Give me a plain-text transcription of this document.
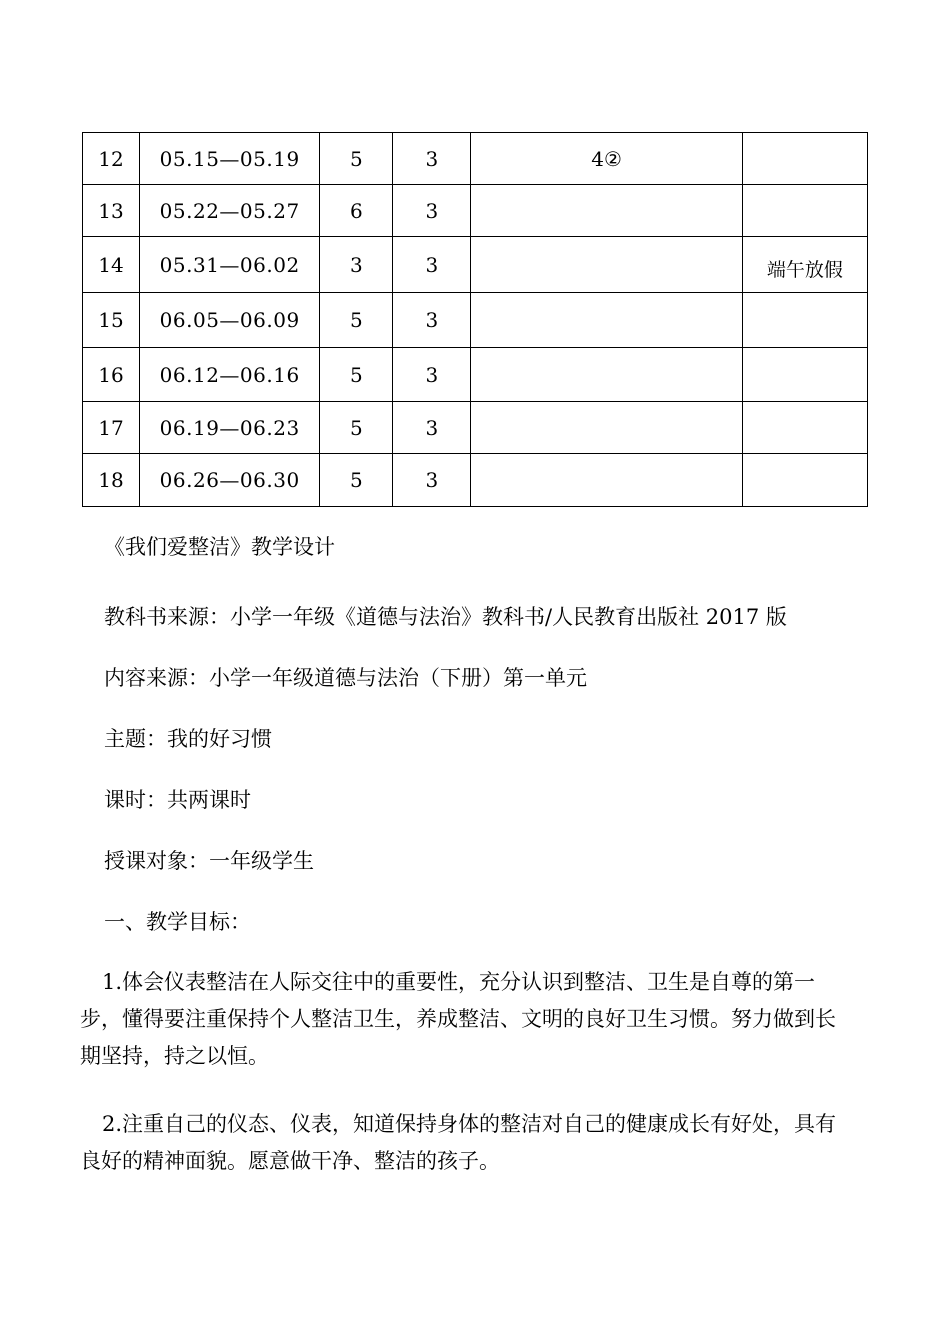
12	05.15—05.19	5	3	4②	
13	05.22—05.27	6	3		
14	05.31—06.02	3	3		端午放假
15	06.05—06.09	5	3		
16	06.12—06.16	5	3		
17	06.19—06.23	5	3		
18	06.26—06.30	5	3		
《我们爱整洁》教学设计
教科书来源：小学一年级《道德与法治》教科书/人民教育出版社 2017 版
内容来源：小学一年级道德与法治（下册）第一单元
主题：我的好习惯
课时：共两课时
授课对象：一年级学生
一、教学目标：

1.体会仪表整洁在人际交往中的重要性，充分认识到整洁、卫生是自尊的第一步，懂得要注重保持个人整洁卫生，养成整洁、文明的良好卫生习惯。努力做到长期坚持，持之以恒。

2.注重自己的仪态、仪表，知道保持身体的整洁对自己的健康成长有好处，具有良好的精神面貌。愿意做干净、整洁的孩子。
